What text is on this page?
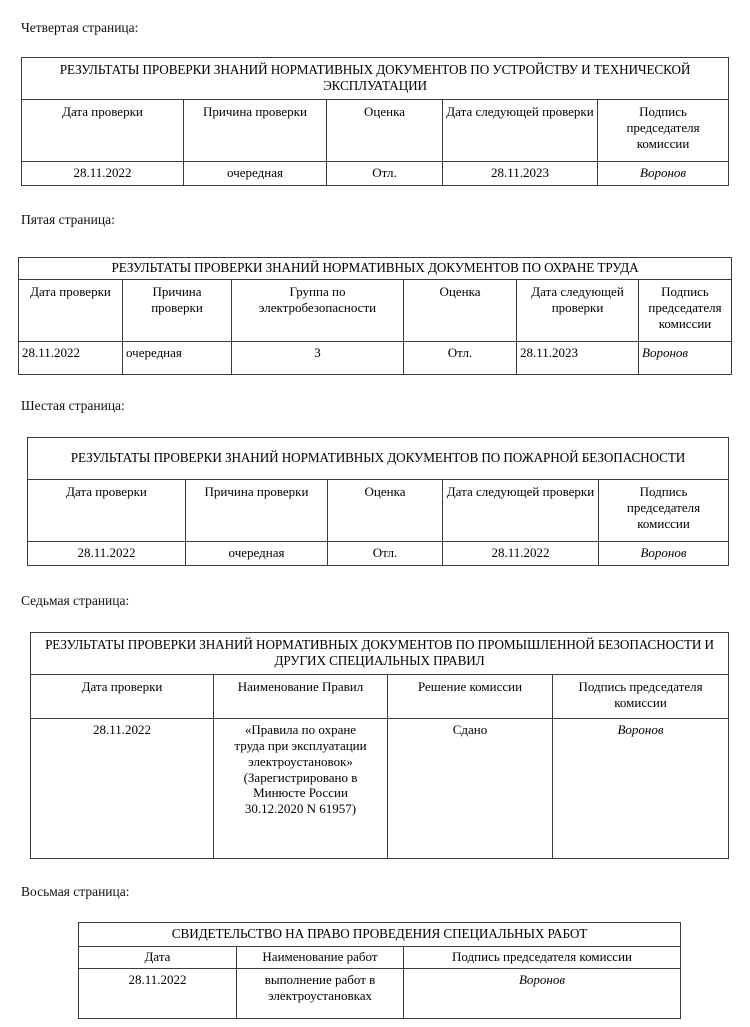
Четвертая страница:
РЕЗУЛЬТАТЫ ПРОВЕРКИ ЗНАНИЙ НОРМАТИВНЫХ ДОКУМЕНТОВ ПО УСТРОЙСТВУ И ТЕХНИЧЕСКОЙ ЭКСПЛУАТАЦИИ				
Дата проверки	Причина проверки	Оценка	Дата следующей проверки	Подпись председателя комиссии
28.11.2022	очередная	Отл.	28.11.2023	Воронов
Пятая страница:
РЕЗУЛЬТАТЫ ПРОВЕРКИ ЗНАНИЙ НОРМАТИВНЫХ ДОКУМЕНТОВ ПО ОХРАНЕ ТРУДА					
Дата проверки	Причина проверки	Группа по электробезопасности	Оценка	Дата следующей проверки	Подпись председателя комиссии
28.11.2022	очередная	3	Отл.	28.11.2023	Воронов
Шестая страница:
РЕЗУЛЬТАТЫ ПРОВЕРКИ ЗНАНИЙ НОРМАТИВНЫХ ДОКУМЕНТОВ ПО ПОЖАРНОЙ БЕЗОПАСНОСТИ				
Дата проверки	Причина проверки	Оценка	Дата следующей проверки	Подпись председателя комиссии
28.11.2022	очередная	Отл.	28.11.2022	Воронов
Седьмая страница:
РЕЗУЛЬТАТЫ ПРОВЕРКИ ЗНАНИЙ НОРМАТИВНЫХ ДОКУМЕНТОВ ПО ПРОМЫШЛЕННОЙ БЕЗОПАСНОСТИ И ДРУГИХ СПЕЦИАЛЬНЫХ ПРАВИЛ			
Дата проверки	Наименование Правил	Решение комиссии	Подпись председателя комиссии
28.11.2022	«Правила по охране труда при эксплуатации электроустановок» (Зарегистрировано в Минюсте России 30.12.2020 N 61957)	Сдано	Воронов
Восьмая страница:
СВИДЕТЕЛЬСТВО НА ПРАВО ПРОВЕДЕНИЯ СПЕЦИАЛЬНЫХ РАБОТ		
Дата	Наименование работ	Подпись председателя комиссии
28.11.2022	выполнение работ в электроустановках	Воронов
